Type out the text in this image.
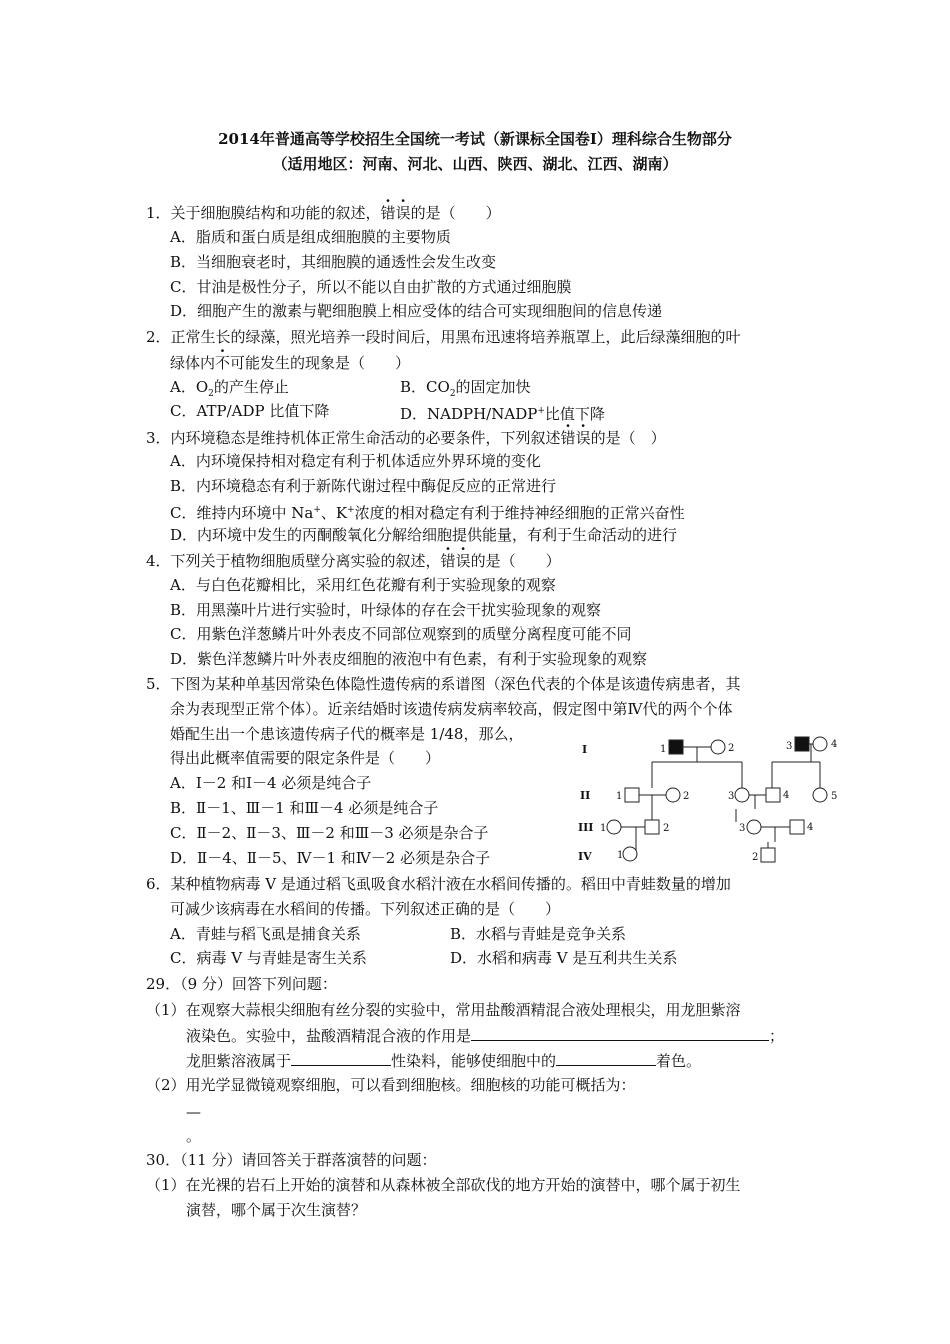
2014年普通高等学校招生全国统一考试（新课标全国卷Ⅰ）理科综合生物部分
（适用地区：河南、河北、山西、陕西、湖北、江西、湖南）
1．关于细胞膜结构和功能的叙述，错误的是（　　）
A．脂质和蛋白质是组成细胞膜的主要物质
B．当细胞衰老时，其细胞膜的通透性会发生改变
C．甘油是极性分子，所以不能以自由扩散的方式通过细胞膜
D．细胞产生的激素与靶细胞膜上相应受体的结合可实现细胞间的信息传递
2．正常生长的绿藻，照光培养一段时间后，用黑布迅速将培养瓶罩上，此后绿藻细胞的叶
绿体内不可能发生的现象是（　　）
A．$O_2$的产生停止	B．$CO_2$的固定加快
C．ATP/ADP 比值下降	D．NADPH/NADP+比值下降
3．内环境稳态是维持机体正常生命活动的必要条件，下列叙述错误的是（　）
A．内环境保持相对稳定有利于机体适应外界环境的变化
B．内环境稳态有利于新陈代谢过程中酶促反应的正常进行
C．维持内环境中 Na+、K+浓度的相对稳定有利于维持神经细胞的正常兴奋性
D．内环境中发生的丙酮酸氧化分解给细胞提供能量，有利于生命活动的进行
4．下列关于植物细胞质壁分离实验的叙述，错误的是（　　）
A．与白色花瓣相比，采用红色花瓣有利于实验现象的观察
B．用黑藻叶片进行实验时，叶绿体的存在会干扰实验现象的观察
C．用紫色洋葱鳞片叶外表皮不同部位观察到的质壁分离程度可能不同
D．紫色洋葱鳞片叶外表皮细胞的液泡中有色素，有利于实验现象的观察
5．下图为某种单基因常染色体隐性遗传病的系谱图（深色代表的个体是该遗传病患者，其
余为表现型正常个体）。近亲结婚时该遗传病发病率较高，假定图中第Ⅳ代的两个个体
婚配生出一个患该遗传病子代的概率是 1/48，那么，
得出此概率值需要的限定条件是（　　）
A．Ⅰ－2 和Ⅰ－4 必须是纯合子
B．Ⅱ－1、Ⅲ－1 和Ⅲ－4 必须是纯合子
C．Ⅱ－2、Ⅱ－3、Ⅲ－2 和Ⅲ－3 必须是杂合子
D．Ⅱ－4、Ⅱ－5、Ⅳ－1 和Ⅳ－2 必须是杂合子
I
II
III
IV
1	2	3	4
1	2	3	4	5
1	2	3	4
1	2
6．某种植物病毒 V 是通过稻飞虱吸食水稻汁液在水稻间传播的。稻田中青蛙数量的增加
可减少该病毒在水稻间的传播。下列叙述正确的是（　　）
A．青蛙与稻飞虱是捕食关系	B．水稻与青蛙是竞争关系
C．病毒 V 与青蛙是寄生关系	D．水稻和病毒 V 是互利共生关系
29．（9 分）回答下列问题：
（1）在观察大蒜根尖细胞有丝分裂的实验中，常用盐酸酒精混合液处理根尖，用龙胆紫溶
液染色。实验中，盐酸酒精混合液的作用是	；
龙胆紫溶液属于	性染料，能够使细胞中的	着色。
（2）用光学显微镜观察细胞，可以看到细胞核。细胞核的功能可概括为：
—
。
30．（11 分）请回答关于群落演替的问题：
（1）在光裸的岩石上开始的演替和从森林被全部砍伐的地方开始的演替中，哪个属于初生
演替，哪个属于次生演替？
